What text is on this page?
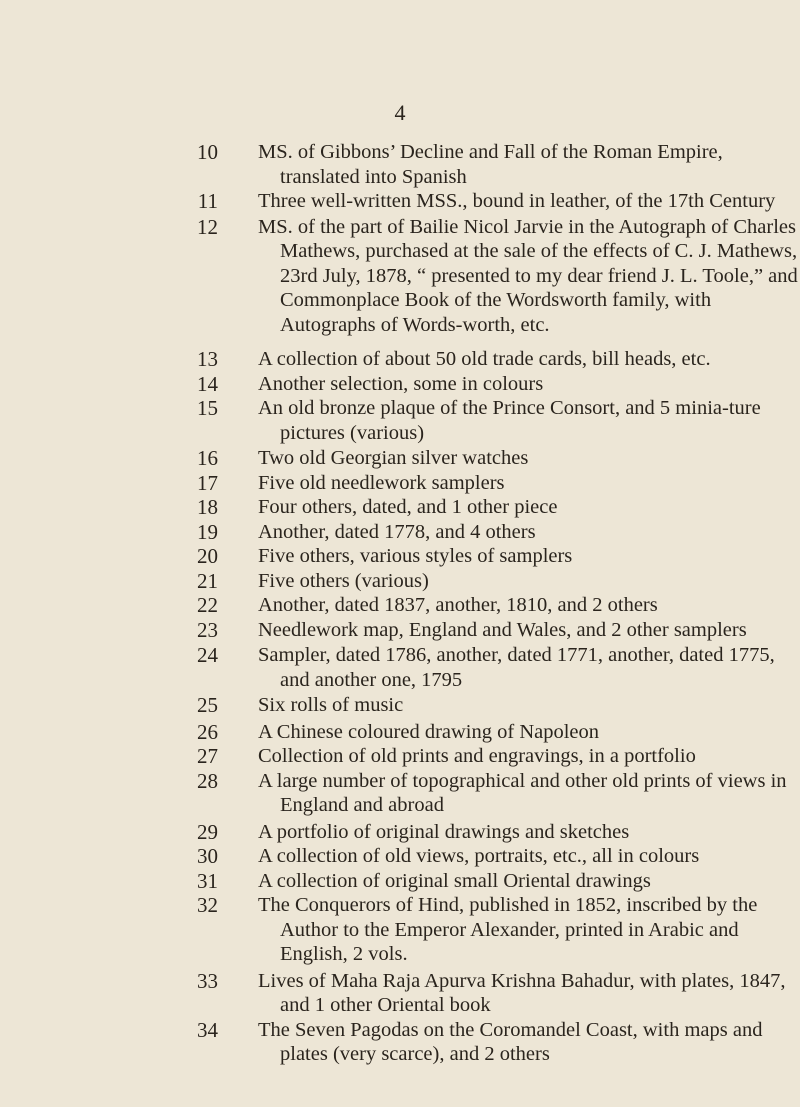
4
10 MS. of Gibbons’ Decline and Fall of the Roman Empire, translated into Spanish
11 Three well-written MSS., bound in leather, of the 17th Century
12 MS. of the part of Bailie Nicol Jarvie in the Autograph of Charles Mathews, purchased at the sale of the effects of C. J. Mathews, 23rd July, 1878, “ presented to my dear friend J. L. Toole,” and Commonplace Book of the Wordsworth family, with Autographs of Words-worth, etc.
13 A collection of about 50 old trade cards, bill heads, etc.
14 Another selection, some in colours
15 An old bronze plaque of the Prince Consort, and 5 minia-ture pictures (various)
16 Two old Georgian silver watches
17 Five old needlework samplers
18 Four others, dated, and 1 other piece
19 Another, dated 1778, and 4 others
20 Five others, various styles of samplers
21 Five others (various)
22 Another, dated 1837, another, 1810, and 2 others
23 Needlework map, England and Wales, and 2 other samplers
24 Sampler, dated 1786, another, dated 1771, another, dated 1775, and another one, 1795
25 Six rolls of music
26 A Chinese coloured drawing of Napoleon
27 Collection of old prints and engravings, in a portfolio
28 A large number of topographical and other old prints of views in England and abroad
29 A portfolio of original drawings and sketches
30 A collection of old views, portraits, etc., all in colours
31 A collection of original small Oriental drawings
32 The Conquerors of Hind, published in 1852, inscribed by the Author to the Emperor Alexander, printed in Arabic and English, 2 vols.
33 Lives of Maha Raja Apurva Krishna Bahadur, with plates, 1847, and 1 other Oriental book
34 The Seven Pagodas on the Coromandel Coast, with maps and plates (very scarce), and 2 others
